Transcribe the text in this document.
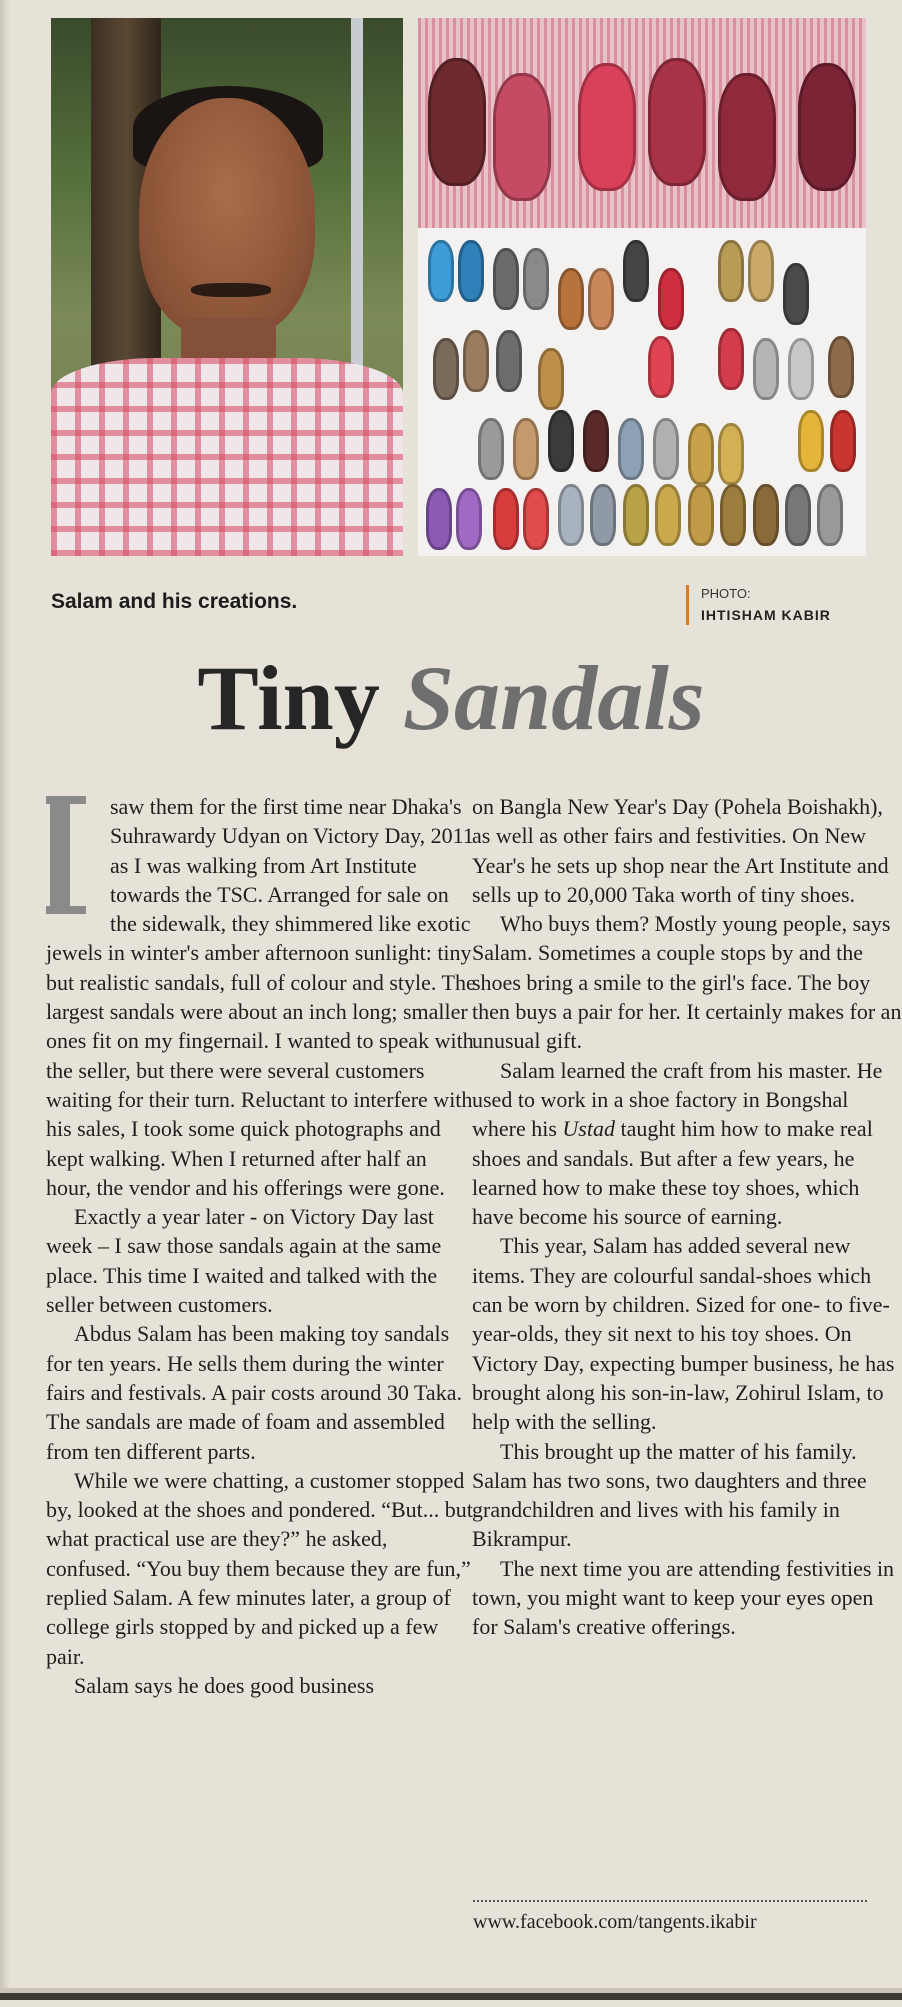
Salam and his creations.	PHOTO:
IHTISHAM KABIR
Tiny Sandals

saw them for the first time near Dhaka's Suhrawardy Udyan on Victory Day, 2011 as I was walking from Art Institute towards the TSC. Arranged for sale on the sidewalk, they shimmered like exotic jewels in winter's amber afternoon sunlight: tiny but realistic sandals, full of colour and style. The largest sandals were about an inch long; smaller ones fit on my fingernail. I wanted to speak with the seller, but there were several customers waiting for their turn. Reluctant to interfere with his sales, I took some quick photographs and kept walking. When I returned after half an hour, the vendor and his offerings were gone.

Exactly a year later - on Victory Day last week – I saw those sandals again at the same place. This time I waited and talked with the seller between customers.

Abdus Salam has been making toy sandals for ten years. He sells them during the winter fairs and festivals. A pair costs around 30 Taka. The sandals are made of foam and assembled from ten different parts.

While we were chatting, a customer stopped by, looked at the shoes and pondered. “But... but what practical use are they?” he asked, confused. “You buy them because they are fun,” replied Salam. A few minutes later, a group of college girls stopped by and picked up a few pair.

Salam says he does good business

on Bangla New Year's Day (Pohela Boishakh), as well as other fairs and festivities. On New Year's he sets up shop near the Art Institute and sells up to 20,000 Taka worth of tiny shoes.

Who buys them? Mostly young people, says Salam. Sometimes a couple stops by and the shoes bring a smile to the girl's face. The boy then buys a pair for her. It certainly makes for an unusual gift.

Salam learned the craft from his master. He used to work in a shoe factory in Bongshal where his Ustad taught him how to make real shoes and sandals. But after a few years, he learned how to make these toy shoes, which have become his source of earning.

This year, Salam has added several new items. They are colourful sandal-shoes which can be worn by children. Sized for one- to five-year-olds, they sit next to his toy shoes. On Victory Day, expecting bumper business, he has brought along his son-in-law, Zohirul Islam, to help with the selling.

This brought up the matter of his family. Salam has two sons, two daughters and three grandchildren and lives with his family in Bikrampur.

The next time you are attending festivities in town, you might want to keep your eyes open for Salam's creative offerings.

www.facebook.com/tangents.ikabir
